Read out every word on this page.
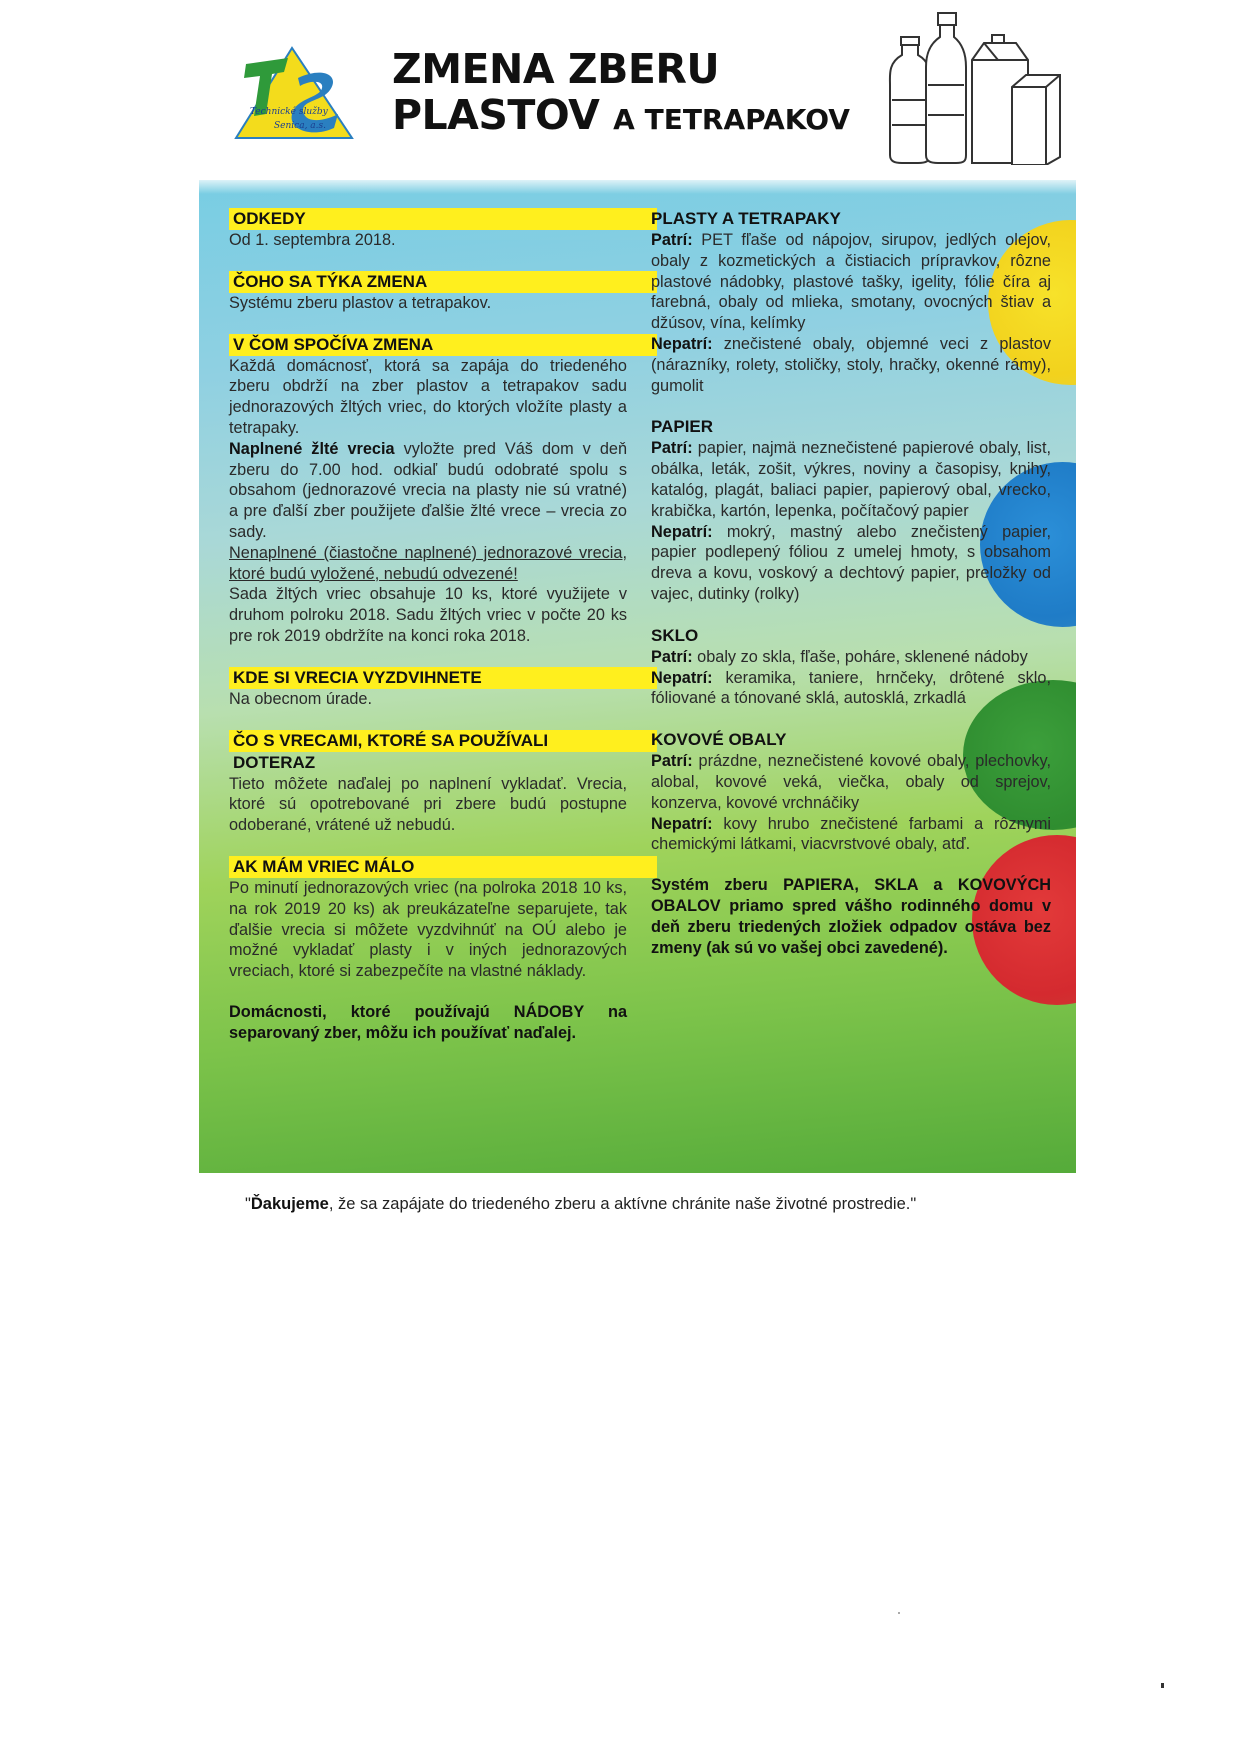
Technické služby
Senica, a.s.
ZMENA ZBERU
PLASTOV A TETRAPAKOV
ODKEDY
Od 1. septembra 2018.
ČOHO SA TÝKA ZMENA
Systému zberu plastov a tetrapakov.
V ČOM SPOČÍVA ZMENA
Každá domácnosť, ktorá sa zapája do triedeného zberu obdrží na zber plastov a tetrapakov sadu jednorazových žltých vriec, do ktorých vložíte plasty a tetrapaky.
Naplnené žlté vrecia vyložte pred Váš dom v deň zberu do 7.00 hod. odkiaľ budú odobraté spolu s obsahom (jednorazové vrecia na plasty nie sú vratné) a pre ďalší zber použijete ďalšie žlté vrece – vrecia zo sady.
Nenaplnené (čiastočne naplnené) jednorazové vrecia, ktoré budú vyložené, nebudú odvezené!
Sada žltých vriec obsahuje 10 ks, ktoré využijete v druhom polroku 2018. Sadu žltých vriec v počte 20 ks pre rok 2019 obdržíte na konci roka 2018.
KDE SI VRECIA VYZDVIHNETE
Na obecnom úrade.
ČO S VRECAMI, KTORÉ SA POUŽÍVALI
DOTERAZ
Tieto môžete naďalej po naplnení vykladať. Vrecia, ktoré sú opotrebované pri zbere budú postupne odoberané, vrátené už nebudú.
AK MÁM VRIEC MÁLO
Po minutí jednorazových vriec (na polroka 2018 10 ks, na rok 2019 20 ks) ak preukázateľne separujete, tak ďalšie vrecia si môžete vyzdvihnúť na OÚ alebo je možné vykladať plasty i v iných jednorazových vreciach, ktoré si zabezpečíte na vlastné náklady.
Domácnosti, ktoré používajú NÁDOBY na separovaný zber, môžu ich používať naďalej.
PLASTY A TETRAPAKY
Patrí: PET fľaše od nápojov, sirupov, jedlých olejov, obaly z kozmetických a čistiacich prípravkov, rôzne plastové nádobky, plastové tašky, igelity, fólie číra aj farebná, obaly od mlieka, smotany, ovocných štiav a džúsov, vína, kelímky
Nepatrí: znečistené obaly, objemné veci z plastov (nárazníky, rolety, stoličky, stoly, hračky, okenné rámy), gumolit
PAPIER
Patrí: papier, najmä neznečistené papierové obaly, list, obálka, leták, zošit, výkres, noviny a časopisy, knihy, katalóg, plagát, baliaci papier, papierový obal, vrecko, krabička, kartón, lepenka, počítačový papier
Nepatrí: mokrý, mastný alebo znečistený papier, papier podlepený fóliou z umelej hmoty, s obsahom dreva a kovu, voskový a dechtový papier, preložky od vajec, dutinky (rolky)
SKLO
Patrí: obaly zo skla, fľaše, poháre, sklenené nádoby
Nepatrí: keramika, taniere, hrnčeky, drôtené sklo, fóliované a tónované sklá, autosklá, zrkadlá
KOVOVÉ OBALY
Patrí: prázdne, neznečistené kovové obaly, plechovky, alobal, kovové veká, viečka, obaly od sprejov, konzerva, kovové vrchnáčiky
Nepatrí: kovy hrubo znečistené farbami a rôznymi chemickými látkami, viacvrstvové obaly, atď.
Systém zberu PAPIERA, SKLA a KOVOVÝCH OBALOV priamo spred vášho rodinného domu v deň zberu triedených zložiek odpadov ostáva bez zmeny (ak sú vo vašej obci zavedené).
"Ďakujeme, že sa zapájate do triedeného zberu a aktívne chránite naše životné prostredie."
